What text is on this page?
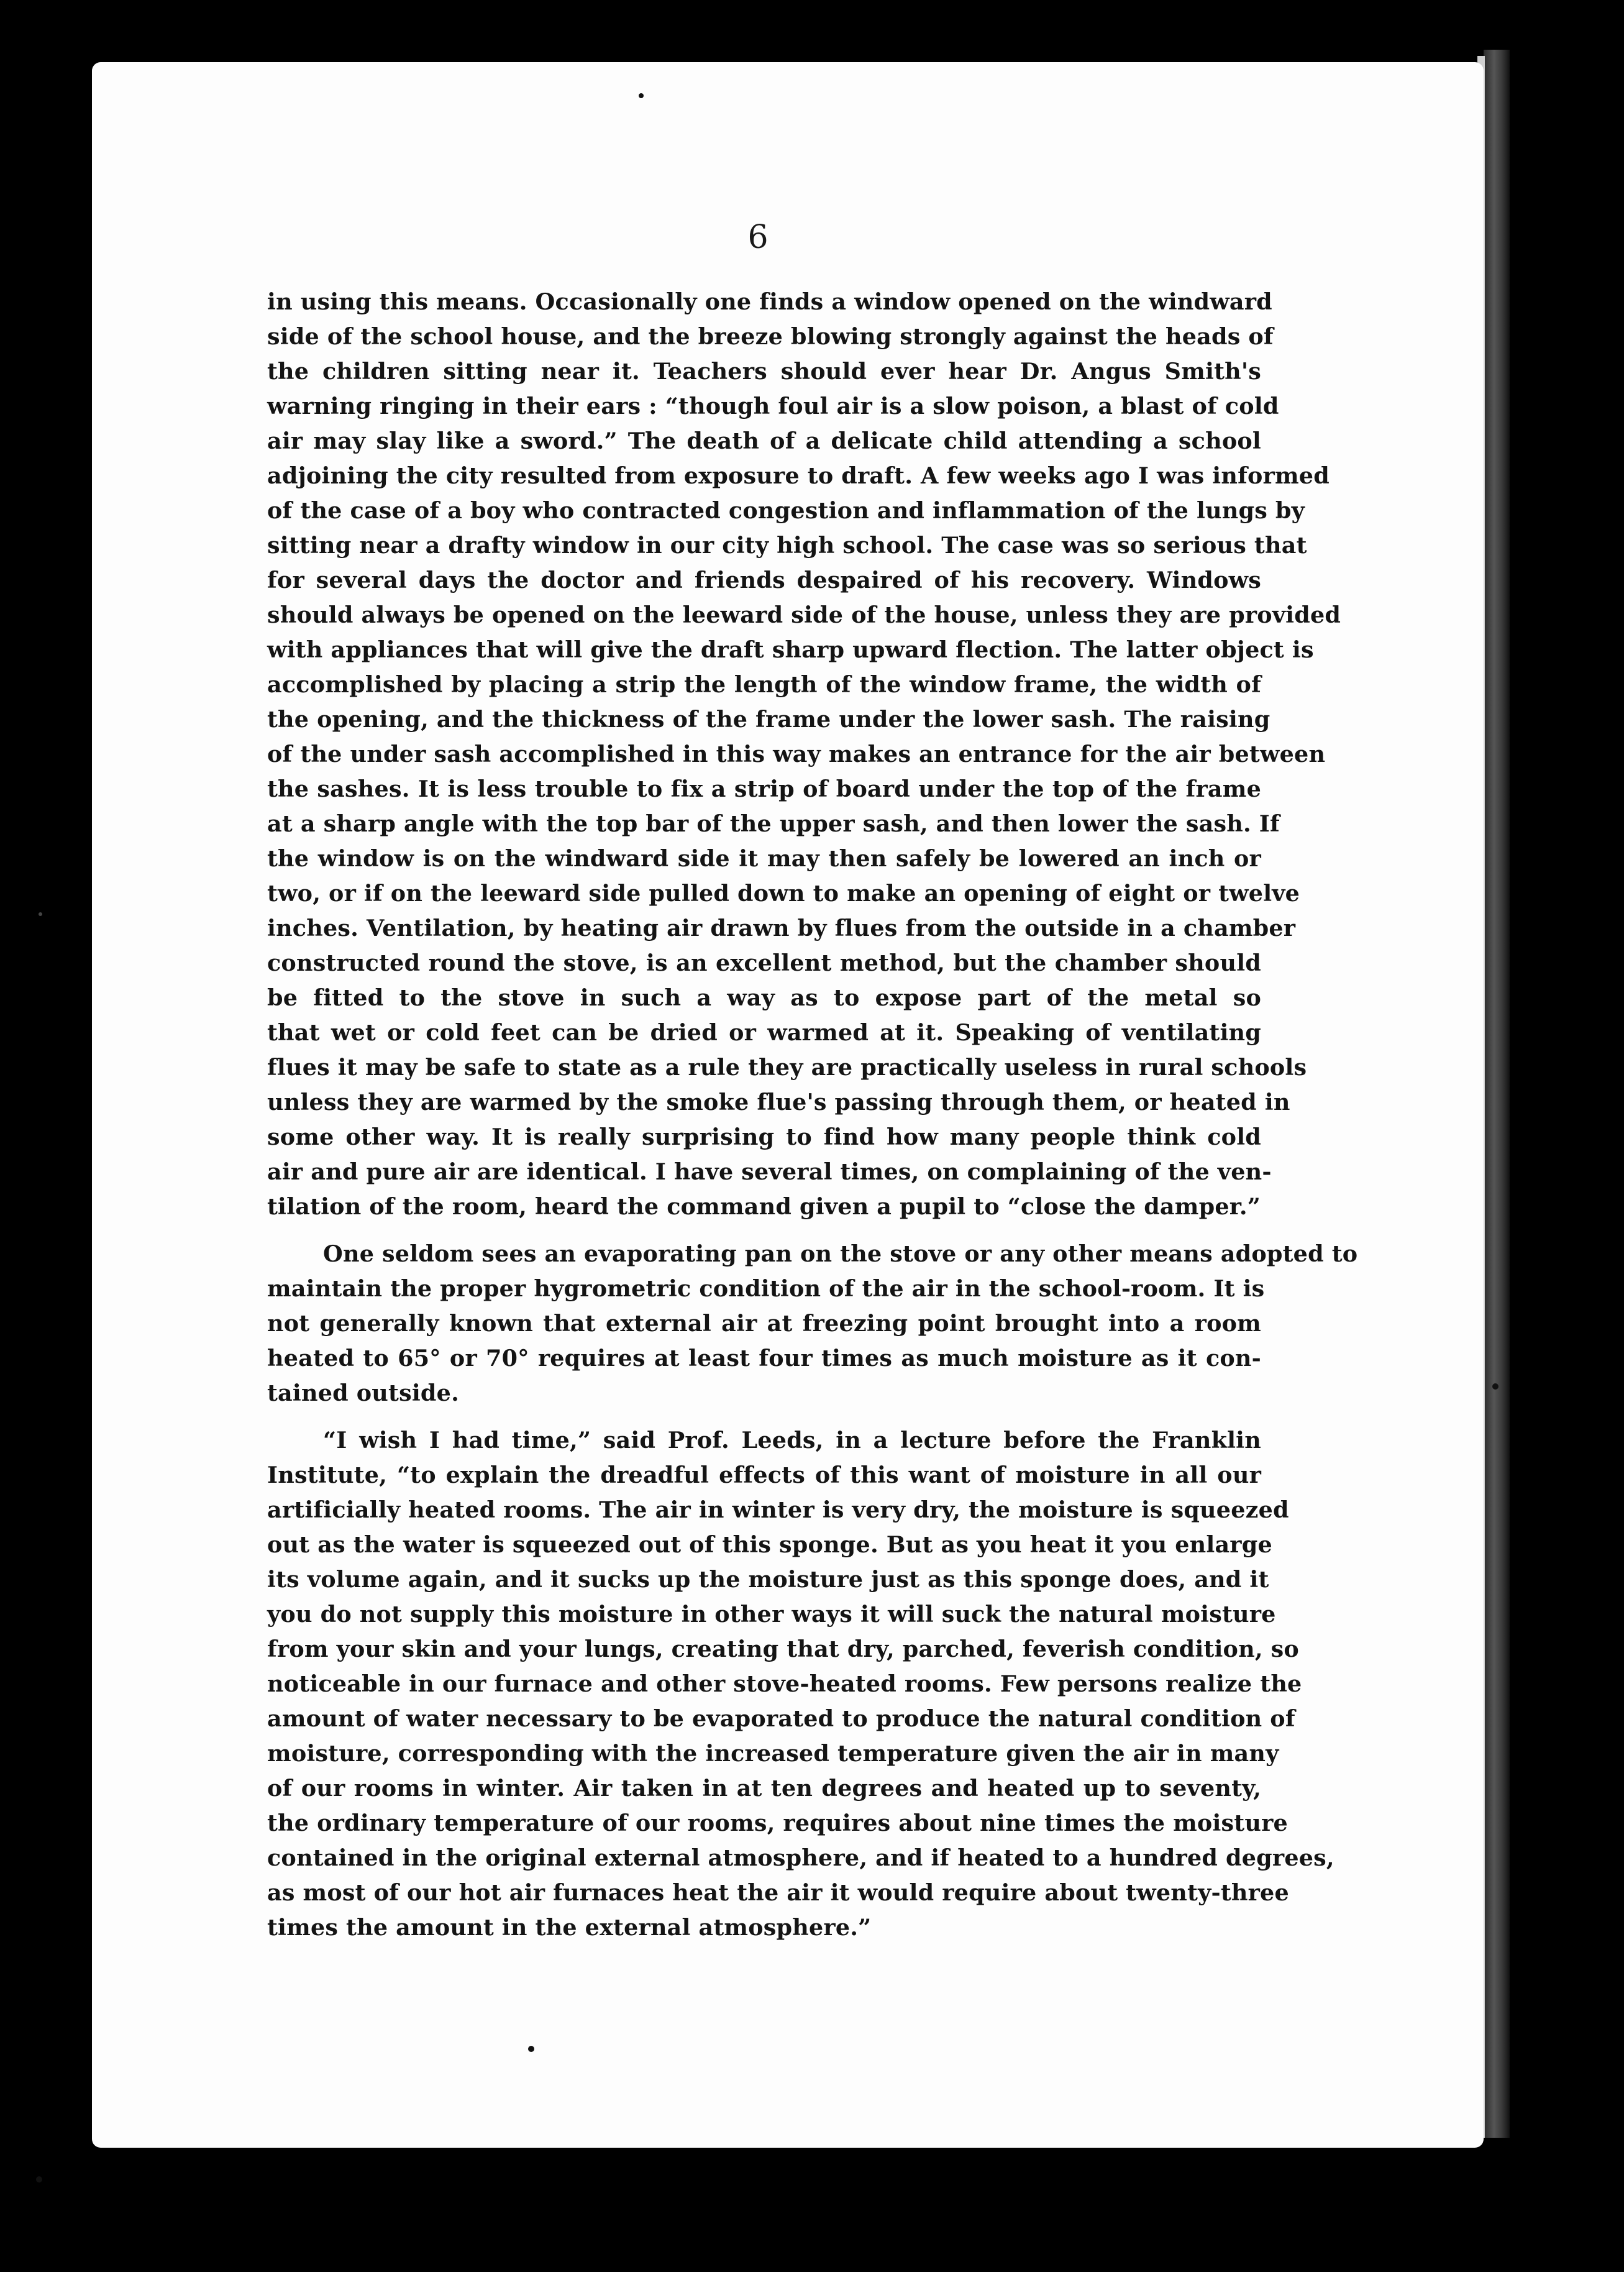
6
in using this means. Occasionally one finds a window opened on the windward
side of the school house, and the breeze blowing strongly against the heads of
the children sitting near it. Teachers should ever hear Dr. Angus Smith's
warning ringing in their ears : “though foul air is a slow poison, a blast of cold
air may slay like a sword.” The death of a delicate child attending a school
adjoining the city resulted from exposure to draft. A few weeks ago I was informed
of the case of a boy who contracted congestion and inflammation of the lungs by
sitting near a drafty window in our city high school. The case was so serious that
for several days the doctor and friends despaired of his recovery. Windows
should always be opened on the leeward side of the house, unless they are provided
with appliances that will give the draft sharp upward flection. The latter object is
accomplished by placing a strip the length of the window frame, the width of
the opening, and the thickness of the frame under the lower sash. The raising
of the under sash accomplished in this way makes an entrance for the air between
the sashes. It is less trouble to fix a strip of board under the top of the frame
at a sharp angle with the top bar of the upper sash, and then lower the sash. If
the window is on the windward side it may then safely be lowered an inch or
two, or if on the leeward side pulled down to make an opening of eight or twelve
inches. Ventilation, by heating air drawn by flues from the outside in a chamber
constructed round the stove, is an excellent method, but the chamber should
be fitted to the stove in such a way as to expose part of the metal so
that wet or cold feet can be dried or warmed at it. Speaking of ventilating
flues it may be safe to state as a rule they are practically useless in rural schools
unless they are warmed by the smoke flue's passing through them, or heated in
some other way. It is really surprising to find how many people think cold
air and pure air are identical. I have several times, on complaining of the ven-
tilation of the room, heard the command given a pupil to “close the damper.”
One seldom sees an evaporating pan on the stove or any other means adopted to
maintain the proper hygrometric condition of the air in the school-room. It is
not generally known that external air at freezing point brought into a room
heated to 65° or 70° requires at least four times as much moisture as it con-
tained outside.
“I wish I had time,” said Prof. Leeds, in a lecture before the Franklin
Institute, “to explain the dreadful effects of this want of moisture in all our
artificially heated rooms. The air in winter is very dry, the moisture is squeezed
out as the water is squeezed out of this sponge. But as you heat it you enlarge
its volume again, and it sucks up the moisture just as this sponge does, and it
you do not supply this moisture in other ways it will suck the natural moisture
from your skin and your lungs, creating that dry, parched, feverish condition, so
noticeable in our furnace and other stove-heated rooms. Few persons realize the
amount of water necessary to be evaporated to produce the natural condition of
moisture, corresponding with the increased temperature given the air in many
of our rooms in winter. Air taken in at ten degrees and heated up to seventy,
the ordinary temperature of our rooms, requires about nine times the moisture
contained in the original external atmosphere, and if heated to a hundred degrees,
as most of our hot air furnaces heat the air it would require about twenty-three
times the amount in the external atmosphere.”
